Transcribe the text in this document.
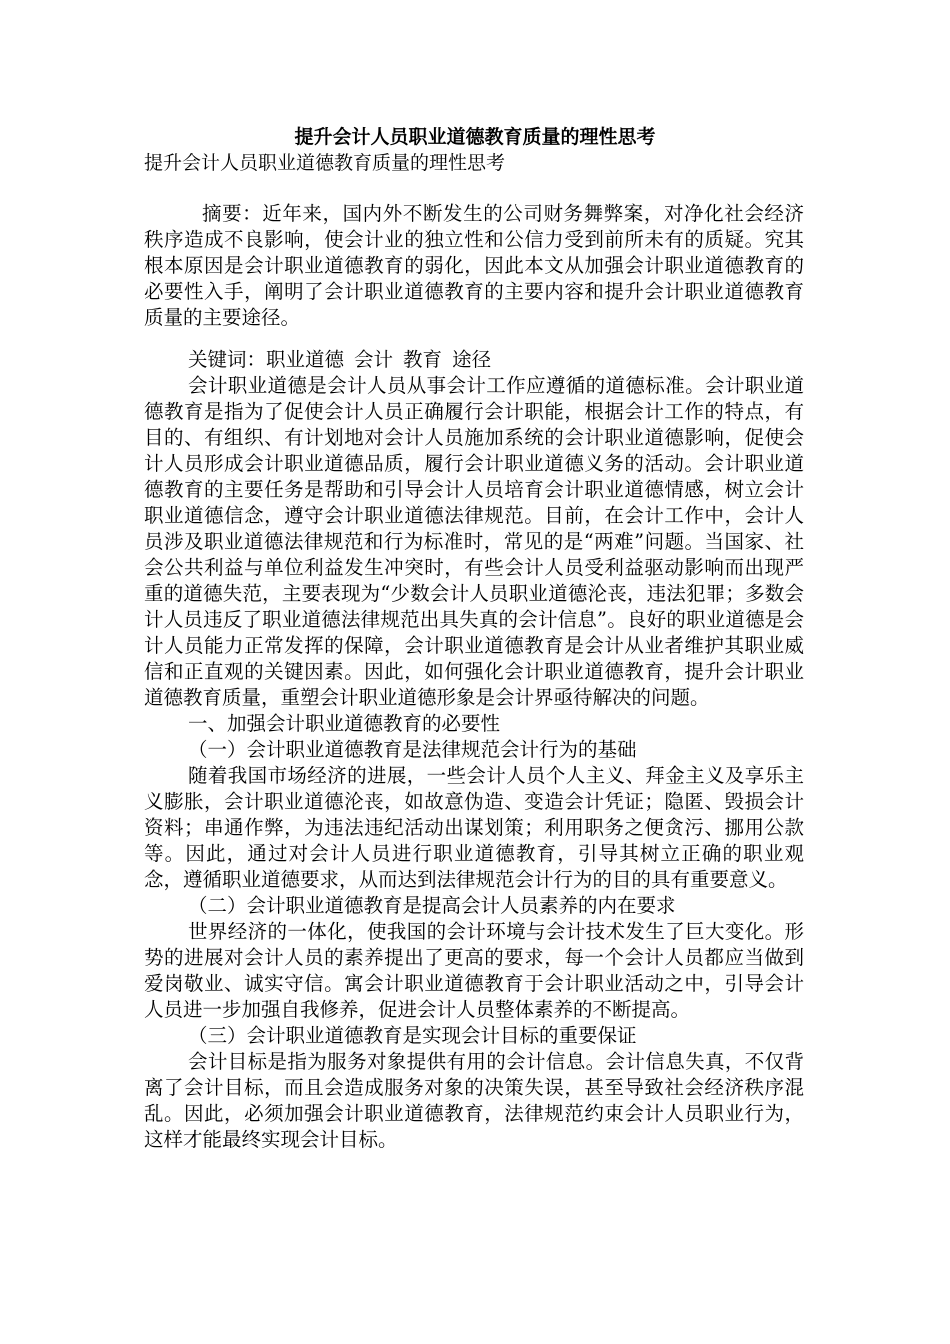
提升会计人员职业道德教育质量的理性思考
提升会计人员职业道德教育质量的理性思考

摘要：近年来，国内外不断发生的公司财务舞弊案，对净化社会经济秩序造成不良影响，使会计业的独立性和公信力受到前所未有的质疑。究其根本原因是会计职业道德教育的弱化，因此本文从加强会计职业道德教育的必要性入手，阐明了会计职业道德教育的主要内容和提升会计职业道德教育质量的主要途径。

关键词：职业道德 会计 教育 途径

会计职业道德是会计人员从事会计工作应遵循的道德标准。会计职业道德教育是指为了促使会计人员正确履行会计职能，根据会计工作的特点，有目的、有组织、有计划地对会计人员施加系统的会计职业道德影响，促使会计人员形成会计职业道德品质，履行会计职业道德义务的活动。会计职业道德教育的主要任务是帮助和引导会计人员培育会计职业道德情感，树立会计职业道德信念，遵守会计职业道德法律规范。目前，在会计工作中，会计人员涉及职业道德法律规范和行为标准时，常见的是“两难”问题。当国家、社会公共利益与单位利益发生冲突时，有些会计人员受利益驱动影响而出现严重的道德失范，主要表现为“少数会计人员职业道德沦丧，违法犯罪；多数会计人员违反了职业道德法律规范出具失真的会计信息”。良好的职业道德是会计人员能力正常发挥的保障，会计职业道德教育是会计从业者维护其职业威信和正直观的关键因素。因此，如何强化会计职业道德教育，提升会计职业道德教育质量，重塑会计职业道德形象是会计界亟待解决的问题。

一、加强会计职业道德教育的必要性

（一）会计职业道德教育是法律规范会计行为的基础

随着我国市场经济的进展，一些会计人员个人主义、拜金主义及享乐主义膨胀，会计职业道德沦丧，如故意伪造、变造会计凭证；隐匿、毁损会计资料；串通作弊，为违法违纪活动出谋划策；利用职务之便贪污、挪用公款等。因此，通过对会计人员进行职业道德教育，引导其树立正确的职业观念，遵循职业道德要求，从而达到法律规范会计行为的目的具有重要意义。

（二）会计职业道德教育是提高会计人员素养的内在要求

世界经济的一体化，使我国的会计环境与会计技术发生了巨大变化。形势的进展对会计人员的素养提出了更高的要求，每一个会计人员都应当做到爱岗敬业、诚实守信。寓会计职业道德教育于会计职业活动之中，引导会计人员进一步加强自我修养，促进会计人员整体素养的不断提高。

（三）会计职业道德教育是实现会计目标的重要保证

会计目标是指为服务对象提供有用的会计信息。会计信息失真，不仅背离了会计目标，而且会造成服务对象的决策失误，甚至导致社会经济秩序混乱。因此，必须加强会计职业道德教育，法律规范约束会计人员职业行为，这样才能最终实现会计目标。
